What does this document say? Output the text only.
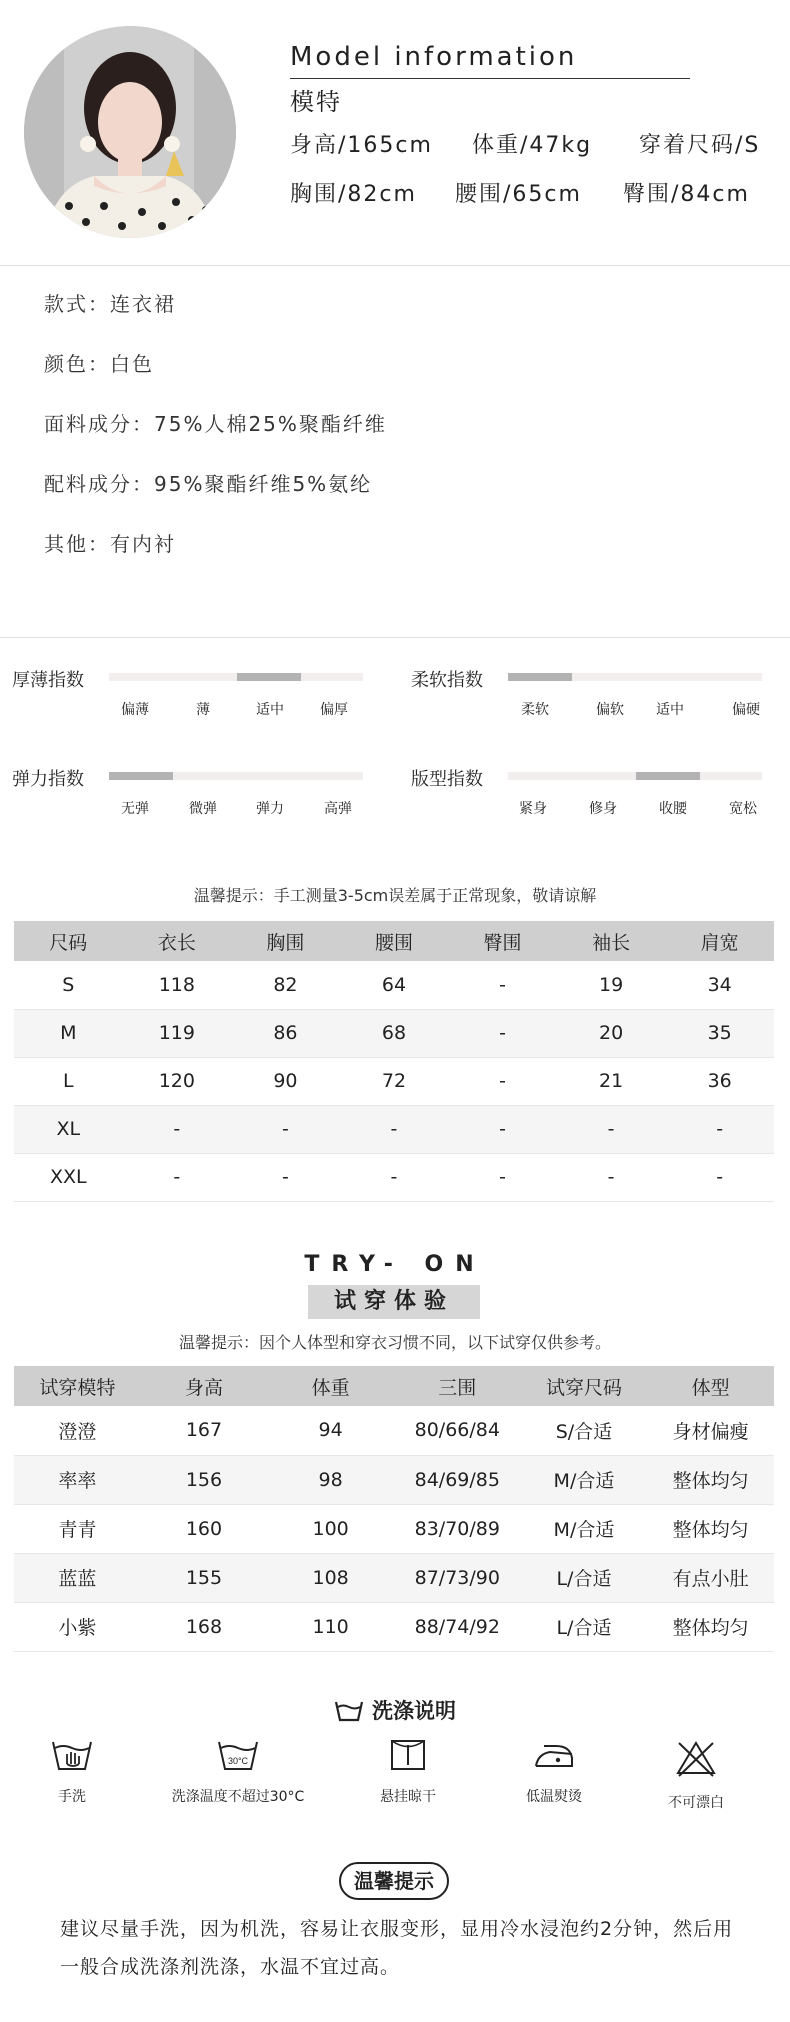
Model information
模特
身高/165cm 体重/47kg 穿着尺码/S
胸围/82cm 腰围/65cm 臀围/84cm
款式：连衣裙
颜色：白色
面料成分：75%人棉25%聚酯纤维
配料成分：95%聚酯纤维5%氨纶
其他：有内衬
厚薄指数
偏薄	薄	适中	偏厚
柔软指数
柔软	偏软	适中	偏硬
弹力指数
无弹	微弹	弹力	高弹
版型指数
紧身	修身	收腰	宽松
温馨提示：手工测量3-5cm误差属于正常现象，敬请谅解
尺码	衣长	胸围	腰围	臀围	袖长	肩宽
S	118	82	64	-	19	34
M	119	86	68	-	20	35
L	120	90	72	-	21	36
XL	-	-	-	-	-	-
XXL	-	-	-	-	-	-
TRY- ON
试穿体验
温馨提示：因个人体型和穿衣习惯不同，以下试穿仅供参考。
试穿模特	身高	体重	三围	试穿尺码	体型
澄澄	167	94	80/66/84	S/合适	身材偏瘦
率率	156	98	84/69/85	M/合适	整体均匀
青青	160	100	83/70/89	M/合适	整体均匀
蓝蓝	155	108	87/73/90	L/合适	有点小肚
小紫	168	110	88/74/92	L/合适	整体均匀
洗涤说明
手洗
30°C
洗涤温度不超过30°C	悬挂晾干	低温熨烫	不可漂白
温馨提示
建议尽量手洗，因为机洗，容易让衣服变形，显用冷水浸泡约2分钟，然后用一般合成洗涤剂洗涤，水温不宜过高。
